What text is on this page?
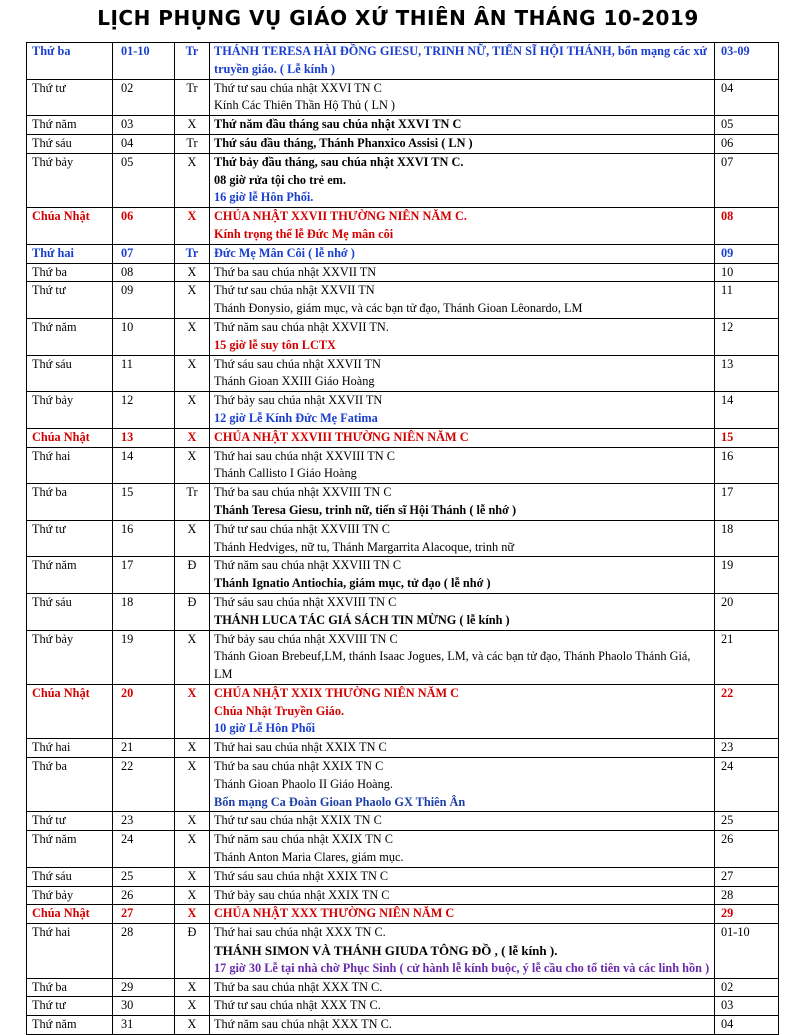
LỊCH PHỤNG VỤ GIÁO XỨ THIÊN ÂN THÁNG 10-2019
Thứ ba	01-10	Tr	THÁNH TERESA HÀI ĐỒNG GIESU, TRINH NỮ, TIẾN SĨ HỘI THÁNH, bổn mạng các xứ truyền giáo. ( Lễ kính )	03-09
Thứ tư	02	Tr	Thứ tư sau chúa nhật XXVI TN C
Kính Các Thiên Thần Hộ Thủ ( LN )	04
Thứ năm	03	X	Thứ năm đầu tháng sau chúa nhật XXVI TN C	05
Thứ sáu	04	Tr	Thứ sáu đầu tháng, Thánh Phanxico Assisi ( LN )	06
Thứ bảy	05	X	Thứ bảy đầu tháng, sau chúa nhật XXVI TN C.
08 giờ rửa tội cho trẻ em.
16 giờ lễ Hôn Phối.	07
Chúa Nhật	06	X	CHÚA NHẬT XXVII THƯỜNG NIÊN NĂM C.
Kính trọng thể lễ Đức Mẹ mân côi	08
Thứ hai	07	Tr	Đức Mẹ Mân Côi ( lễ nhớ )	09
Thứ ba	08	X	Thứ ba sau chúa nhật XXVII TN	10
Thứ tư	09	X	Thứ tư sau chúa nhật XXVII TN
Thánh Đonysio, giám mục, và các bạn tử đạo, Thánh Gioan Lêonardo, LM	11
Thứ năm	10	X	Thứ năm sau chúa nhật XXVII TN.
15 giờ lễ suy tôn LCTX	12
Thứ sáu	11	X	Thứ sáu sau chúa nhật XXVII TN
Thánh Gioan XXIII Giáo Hoàng	13
Thứ bảy	12	X	Thứ bảy sau chúa nhật XXVII TN
12 giờ Lễ Kính Đức Mẹ Fatima	14
Chúa Nhật	13	X	CHÚA NHẬT XXVIII THƯỜNG NIÊN NĂM C	15
Thứ hai	14	X	Thứ hai sau chúa nhật XXVIII TN C
Thánh Callisto I Giáo Hoàng	16
Thứ ba	15	Tr	Thứ ba sau chúa nhật XXVIII TN C
Thánh Teresa Giesu, trinh nữ, tiến sĩ Hội Thánh ( lễ nhớ )	17
Thứ tư	16	X	Thứ tư sau chúa nhật XXVIII TN C
Thánh Hedviges, nữ tu, Thánh Margarrita Alacoque, trinh nữ	18
Thứ năm	17	Đ	Thứ năm sau chúa nhật XXVIII TN C
Thánh Ignatio Antiochia, giám mục, tử đạo ( lễ nhớ )	19
Thứ sáu	18	Đ	Thứ sáu sau chúa nhật XXVIII TN C
THÁNH LUCA TÁC GIẢ SÁCH TIN MỪNG ( lễ kính )	20
Thứ bảy	19	X	Thứ bảy sau chúa nhật XXVIII TN C
Thánh Gioan Brebeuf,LM, thánh Isaac Jogues, LM, và các bạn tử đạo, Thánh Phaolo Thánh Giá, LM	21
Chúa Nhật	20	X	CHÚA NHẬT XXIX THƯỜNG NIÊN NĂM C
Chúa Nhật Truyền Giáo.
10 giờ Lễ Hôn Phối	22
Thứ hai	21	X	Thứ hai sau chúa nhật XXIX TN C	23
Thứ ba	22	X	Thứ ba sau chúa nhật XXIX TN C
Thánh Gioan Phaolo II Giáo Hoàng.
Bổn mạng Ca Đoàn Gioan Phaolo GX Thiên Ân	24
Thứ tư	23	X	Thứ tư sau chúa nhật XXIX TN C	25
Thứ năm	24	X	Thứ năm sau chúa nhật XXIX TN C
Thánh Anton Maria Clares, giám mục.	26
Thứ sáu	25	X	Thứ sáu sau chúa nhật XXIX TN C	27
Thứ bảy	26	X	Thứ bảy sau chúa nhật XXIX TN C	28
Chúa Nhật	27	X	CHÚA NHẬT XXX THƯỜNG NIÊN NĂM C	29
Thứ hai	28	Đ	Thứ hai sau chúa nhật XXX TN C.
THÁNH SIMON VÀ THÁNH GIUDA TÔNG ĐỒ , ( lễ kính ).
17 giờ 30 Lễ tại nhà chờ Phục Sinh ( cử hành lễ kính buộc, ý lễ cầu cho tổ tiên và các linh hồn )	01-10
Thứ ba	29	X	Thứ ba sau chúa nhật XXX TN C.	02
Thứ tư	30	X	Thứ tư sau chúa nhật XXX TN C.	03
Thứ năm	31	X	Thứ năm sau chúa nhật XXX TN C.	04
